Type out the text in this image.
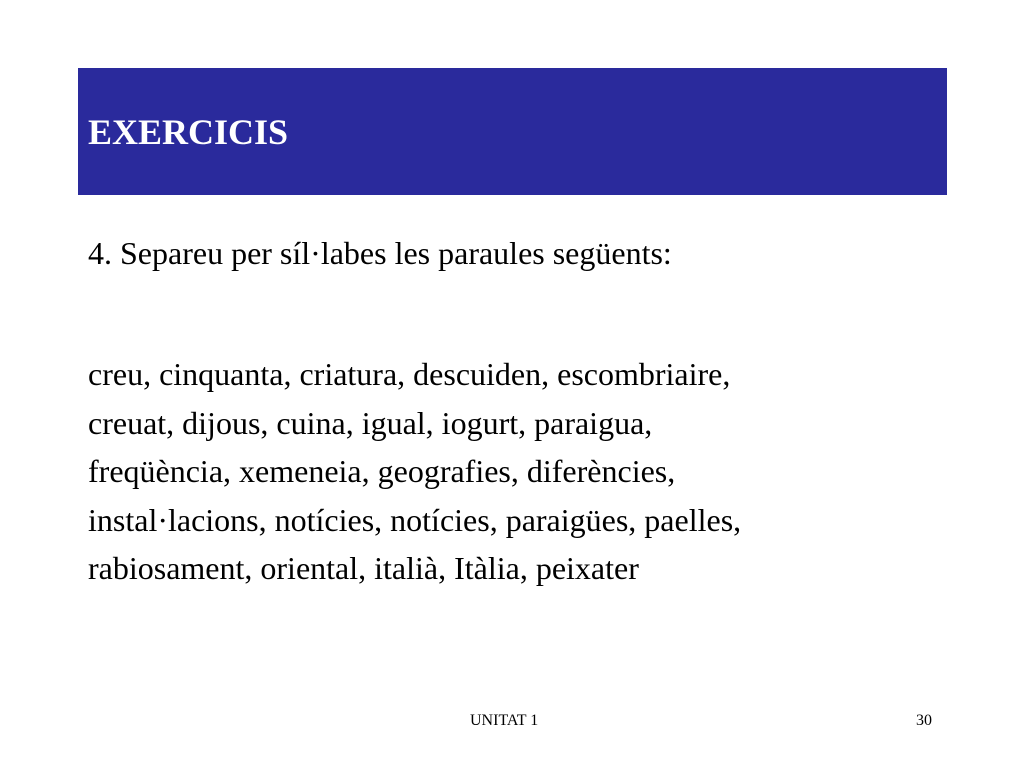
EXERCICIS

4. Separeu per síl·labes les paraules següents:

creu, cinquanta, criatura, descuiden, escombriaire,
creuat, dijous, cuina, igual, iogurt, paraigua,
freqüència, xemeneia, geografies, diferències,
instal·lacions, notícies, notícies, paraigües, paelles,
rabiosament, oriental, italià, Itàlia, peixater
UNITAT 1	30
